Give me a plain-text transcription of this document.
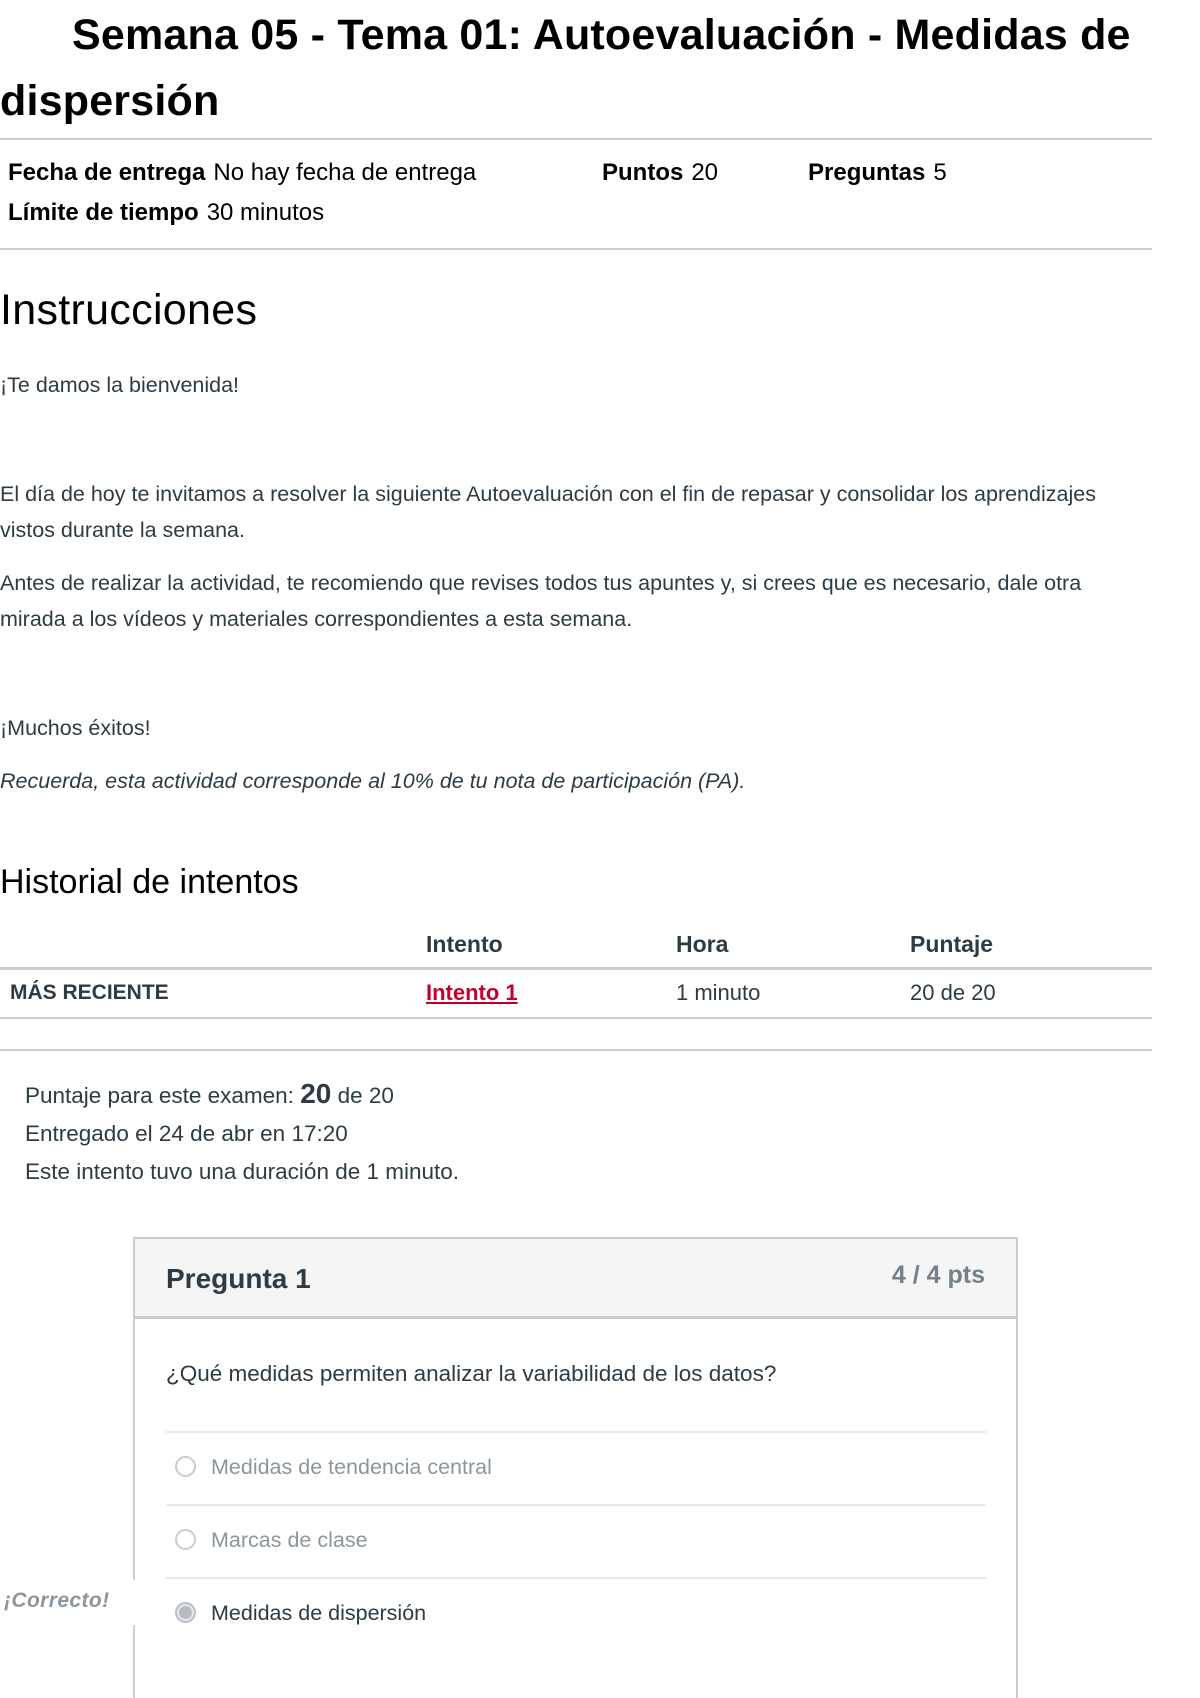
Semana 05 - Tema 01: Autoevaluación - Medidas de dispersión
Fecha de entrega No hay fecha de entrega	Puntos 20	Preguntas 5
Límite de tiempo 30 minutos
Instrucciones

¡Te damos la bienvenida!

El día de hoy te invitamos a resolver la siguiente Autoevaluación con el fin de repasar y consolidar los aprendizajes vistos durante la semana.

Antes de realizar la actividad, te recomiendo que revises todos tus apuntes y, si crees que es necesario, dale otra mirada a los vídeos y materiales correspondientes a esta semana.

¡Muchos éxitos!

Recuerda, esta actividad corresponde al 10% de tu nota de participación (PA).

Historial de intentos
	Intento	Hora	Puntaje
MÁS RECIENTE	Intento 1	1 minuto	20 de 20
Puntaje para este examen: 20 de 20
Entregado el 24 de abr en 17:20
Este intento tuvo una duración de 1 minuto.
Pregunta 1	4 / 4 pts
¿Qué medidas permiten analizar la variabilidad de los datos?
Medidas de tendencia central
Marcas de clase
Medidas de dispersión
¡Correcto!
